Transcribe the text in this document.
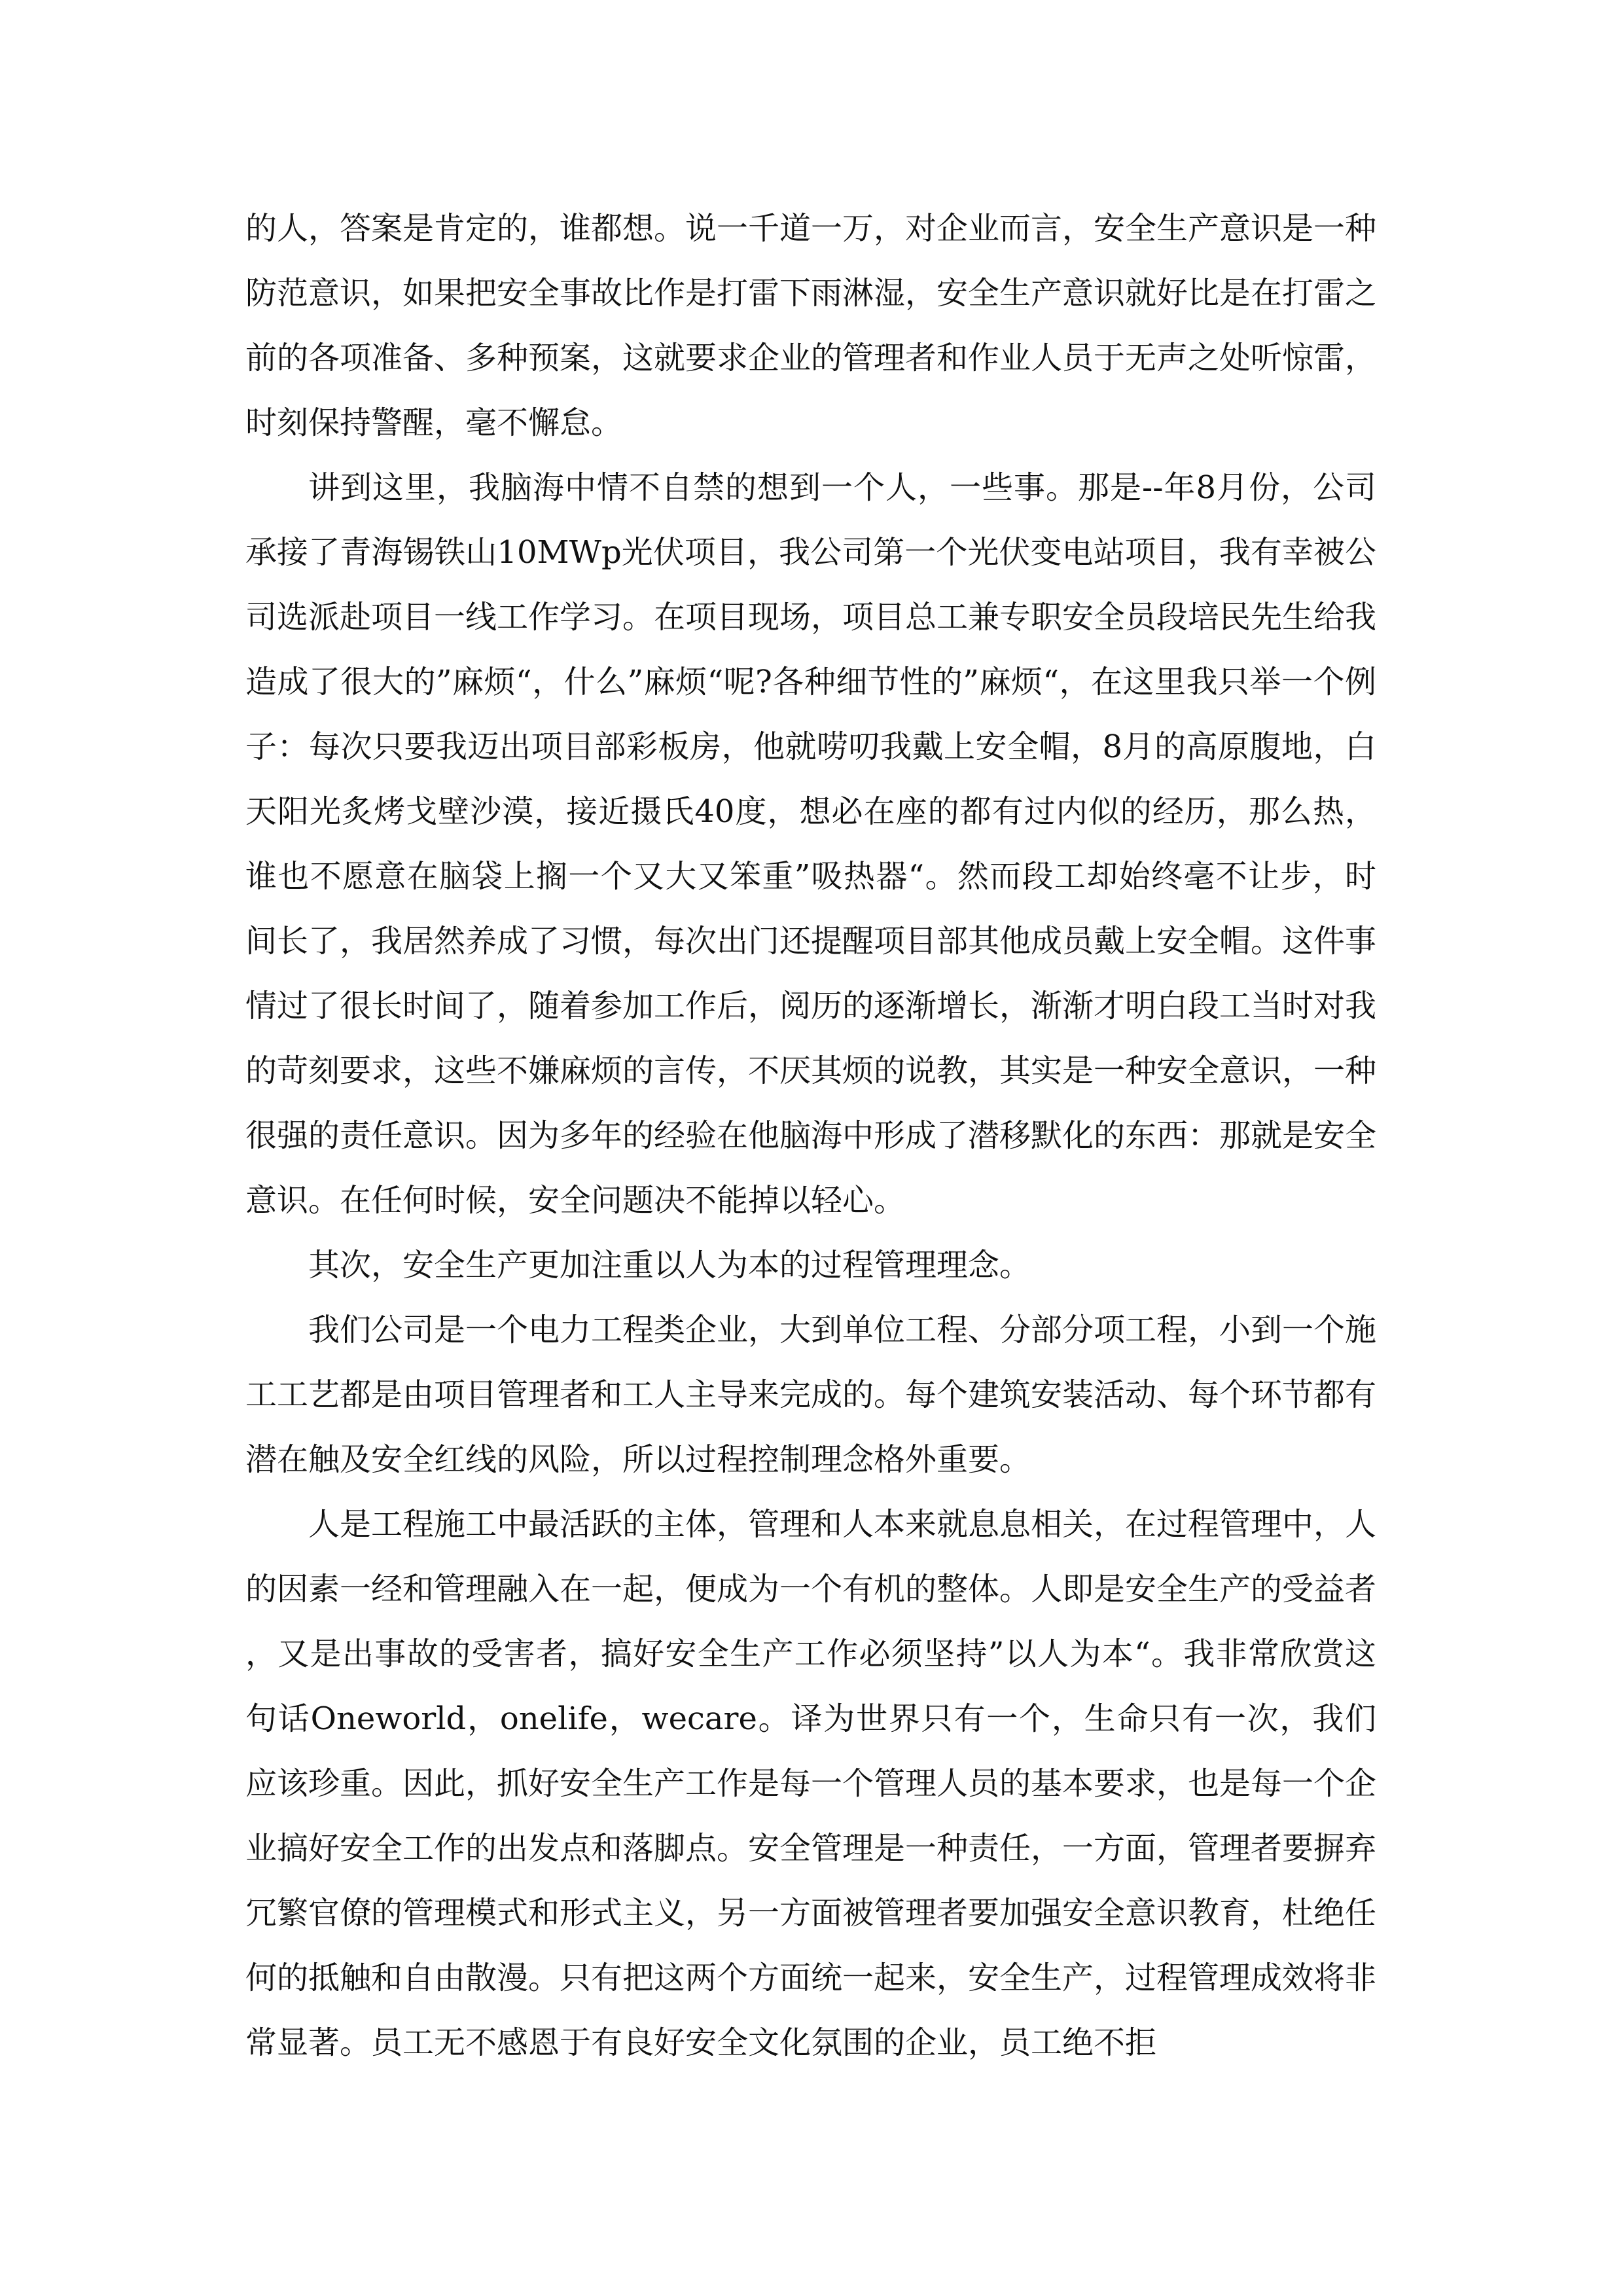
的人，答案是肯定的，谁都想。说一千道一万，对企业而言，安全生产意识是一种防范意识，如果把安全事故比作是打雷下雨淋湿，安全生产意识就好比是在打雷之前的各项准备、多种预案，这就要求企业的管理者和作业人员于无声之处听惊雷，时刻保持警醒，毫不懈怠。

讲到这里，我脑海中情不自禁的想到一个人，一些事。那是--年8月份，公司承接了青海锡铁山10MWp光伏项目，我公司第一个光伏变电站项目，我有幸被公司选派赴项目一线工作学习。在项目现场，项目总工兼专职安全员段培民先生给我造成了很大的”麻烦“，什么”麻烦“呢?各种细节性的”麻烦“，在这里我只举一个例子：每次只要我迈出项目部彩板房，他就唠叨我戴上安全帽，8月的高原腹地，白天阳光炙烤戈壁沙漠，接近摄氏40度，想必在座的都有过内似的经历，那么热，谁也不愿意在脑袋上搁一个又大又笨重”吸热器“。然而段工却始终毫不让步，时间长了，我居然养成了习惯，每次出门还提醒项目部其他成员戴上安全帽。这件事情过了很长时间了，随着参加工作后，阅历的逐渐增长，渐渐才明白段工当时对我的苛刻要求，这些不嫌麻烦的言传，不厌其烦的说教，其实是一种安全意识，一种很强的责任意识。因为多年的经验在他脑海中形成了潜移默化的东西：那就是安全意识。在任何时候，安全问题决不能掉以轻心。

其次，安全生产更加注重以人为本的过程管理理念。

我们公司是一个电力工程类企业，大到单位工程、分部分项工程，小到一个施工工艺都是由项目管理者和工人主导来完成的。每个建筑安装活动、每个环节都有潜在触及安全红线的风险，所以过程控制理念格外重要。

人是工程施工中最活跃的主体，管理和人本来就息息相关，在过程管理中，人的因素一经和管理融入在一起，便成为一个有机的整体。人即是安全生产的受益者，又是出事故的受害者，搞好安全生产工作必须坚持”以人为本“。我非常欣赏这句话Oneworld，onelife，wecare。译为世界只有一个，生命只有一次，我们应该珍重。因此，抓好安全生产工作是每一个管理人员的基本要求，也是每一个企业搞好安全工作的出发点和落脚点。安全管理是一种责任，一方面，管理者要摒弃冗繁官僚的管理模式和形式主义，另一方面被管理者要加强安全意识教育，杜绝任何的抵触和自由散漫。只有把这两个方面统一起来，安全生产，过程管理成效将非常显著。员工无不感恩于有良好安全文化氛围的企业，员工绝不拒
